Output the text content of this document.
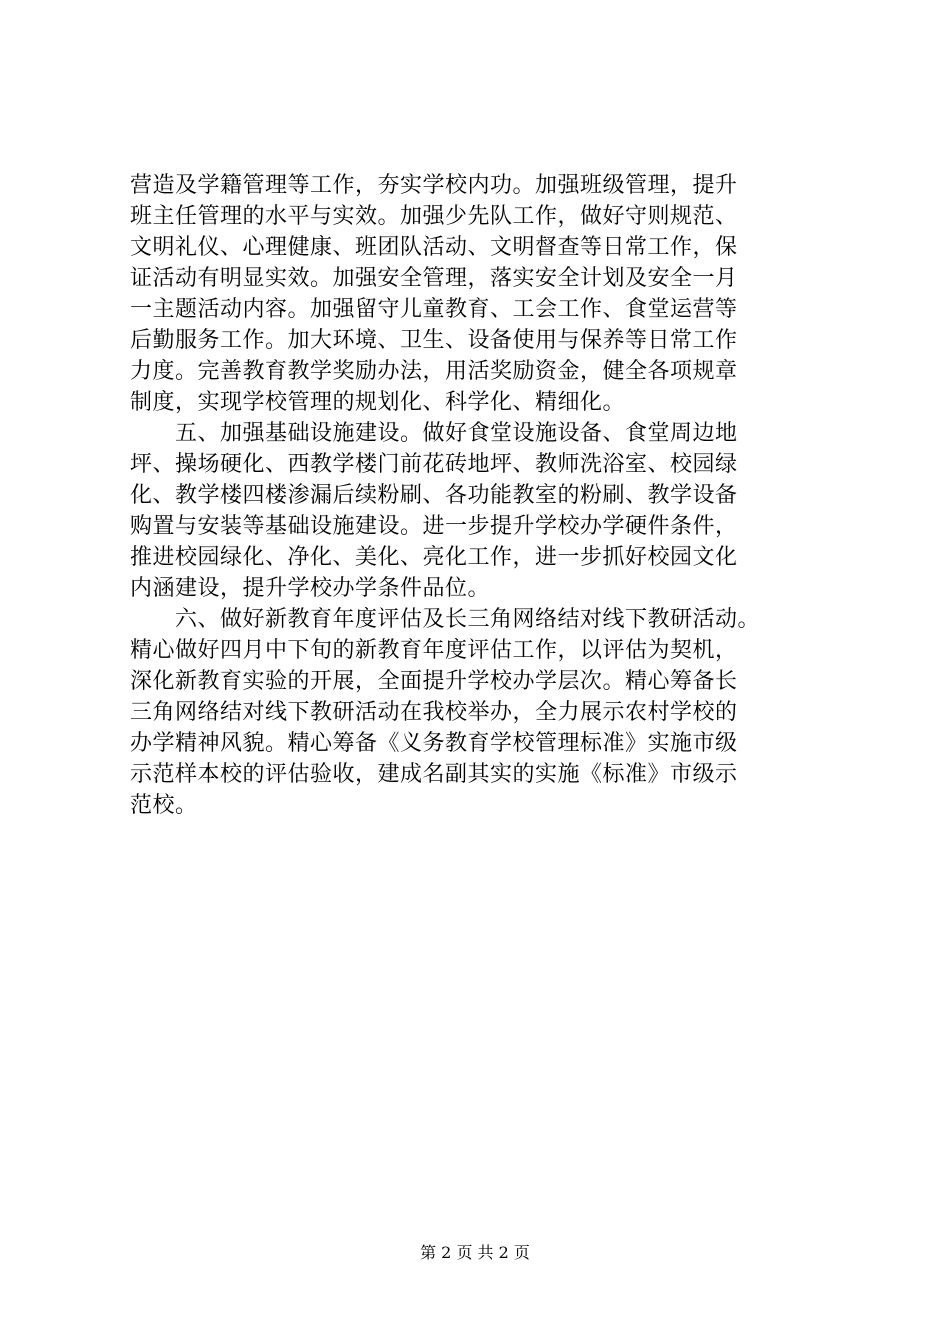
营造及学籍管理等工作，夯实学校内功。加强班级管理，提升
班主任管理的水平与实效。加强少先队工作，做好守则规范、
文明礼仪、心理健康、班团队活动、文明督查等日常工作，保
证活动有明显实效。加强安全管理，落实安全计划及安全一月
一主题活动内容。加强留守儿童教育、工会工作、食堂运营等
后勤服务工作。加大环境、卫生、设备使用与保养等日常工作
力度。完善教育教学奖励办法，用活奖励资金，健全各项规章
制度，实现学校管理的规划化、科学化、精细化。
　　五、加强基础设施建设。做好食堂设施设备、食堂周边地
坪、操场硬化、西教学楼门前花砖地坪、教师洗浴室、校园绿
化、教学楼四楼渗漏后续粉刷、各功能教室的粉刷、教学设备
购置与安装等基础设施建设。进一步提升学校办学硬件条件，
推进校园绿化、净化、美化、亮化工作，进一步抓好校园文化
内涵建设，提升学校办学条件品位。
　　六、做好新教育年度评估及长三角网络结对线下教研活动。
精心做好四月中下旬的新教育年度评估工作，以评估为契机，
深化新教育实验的开展，全面提升学校办学层次。精心筹备长
三角网络结对线下教研活动在我校举办，全力展示农村学校的
办学精神风貌。精心筹备《义务教育学校管理标准》实施市级
示范样本校的评估验收，建成名副其实的实施《标准》市级示
范校。
第 2 页 共 2 页
